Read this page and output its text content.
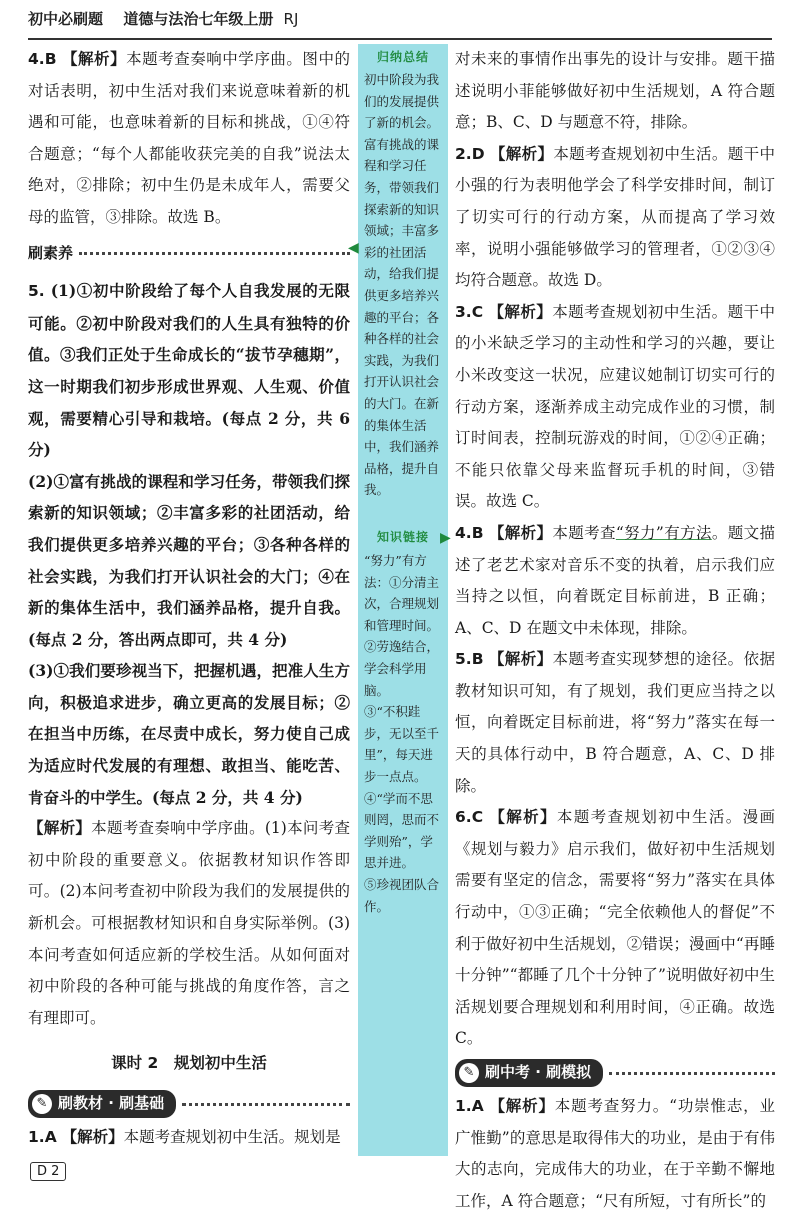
初中必刷题 道德与法治七年级上册 RJ

4.B 【解析】本题考查奏响中学序曲。图中的对话表明，初中生活对我们来说意味着新的机遇和可能，也意味着新的目标和挑战，①④符合题意；“每个人都能收获完美的自我”说法太绝对，②排除；初中生仍是未成年人，需要父母的监管，③排除。故选 B。

刷素养

5. (1)①初中阶段给了每个人自我发展的无限可能。②初中阶段对我们的人生具有独特的价值。③我们正处于生命成长的“拔节孕穗期”，这一时期我们初步形成世界观、人生观、价值观，需要精心引导和栽培。(每点 2 分，共 6 分)

(2)①富有挑战的课程和学习任务，带领我们探索新的知识领域；②丰富多彩的社团活动，给我们提供更多培养兴趣的平台；③各种各样的社会实践，为我们打开认识社会的大门；④在新的集体生活中，我们涵养品格，提升自我。(每点 2 分，答出两点即可，共 4 分)

(3)①我们要珍视当下，把握机遇，把准人生方向，积极追求进步，确立更高的发展目标；②在担当中历练，在尽责中成长，努力使自己成为适应时代发展的有理想、敢担当、能吃苦、肯奋斗的中学生。(每点 2 分，共 4 分)

【解析】本题考查奏响中学序曲。(1)本问考查初中阶段的重要意义。依据教材知识作答即可。(2)本问考查初中阶段为我们的发展提供的新机会。可根据教材知识和自身实际举例。(3)本问考查如何适应新的学校生活。从如何面对初中阶段的各种可能与挑战的角度作答，言之有理即可。

课时 2　规划初中生活
✎ 刷教材 · 刷基础

1.A 【解析】本题考查规划初中生活。规划是

归纳总结

初中阶段为我们的发展提供了新的机会。富有挑战的课程和学习任务，带领我们探索新的知识领域；丰富多彩的社团活动，给我们提供更多培养兴趣的平台；各种各样的社会实践，为我们打开认识社会的大门。在新的集体生活中，我们涵养品格，提升自我。

知识链接

“努力”有方法：①分清主次，合理规划和管理时间。

②劳逸结合，学会科学用脑。

③“不积跬步，无以至千里”，每天进步一点点。

④“学而不思则罔，思而不学则殆”，学思并进。

⑤珍视团队合作。

◀
▶

对未来的事情作出事先的设计与安排。题干描述说明小菲能够做好初中生活规划，A 符合题意；B、C、D 与题意不符，排除。

2.D 【解析】本题考查规划初中生活。题干中小强的行为表明他学会了科学安排时间，制订了切实可行的行动方案，从而提高了学习效率，说明小强能够做学习的管理者，①②③④均符合题意。故选 D。

3.C 【解析】本题考查规划初中生活。题干中的小米缺乏学习的主动性和学习的兴趣，要让小米改变这一状况，应建议她制订切实可行的行动方案，逐渐养成主动完成作业的习惯，制订时间表，控制玩游戏的时间，①②④正确；不能只依靠父母来监督玩手机的时间，③错误。故选 C。

4.B 【解析】本题考查“努力”有方法。题文描述了老艺术家对音乐不变的执着，启示我们应当持之以恒，向着既定目标前进，B 正确；A、C、D 在题文中未体现，排除。

5.B 【解析】本题考查实现梦想的途径。依据教材知识可知，有了规划，我们更应当持之以恒，向着既定目标前进，将“努力”落实在每一天的具体行动中，B 符合题意，A、C、D 排除。

6.C 【解析】本题考查规划初中生活。漫画《规划与毅力》启示我们，做好初中生活规划需要有坚定的信念，需要将“努力”落实在具体行动中，①③正确；“完全依赖他人的督促”不利于做好初中生活规划，②错误；漫画中“再睡十分钟”“都睡了几个十分钟了”说明做好初中生活规划要合理规划和利用时间，④正确。故选 C。

✎ 刷中考 · 刷模拟

1.A 【解析】本题考查努力。“功崇惟志，业广惟勤”的意思是取得伟大的功业，是由于有伟大的志向，完成伟大的功业，在于辛勤不懈地工作，A 符合题意；“尺有所短，寸有所长”的

D 2
